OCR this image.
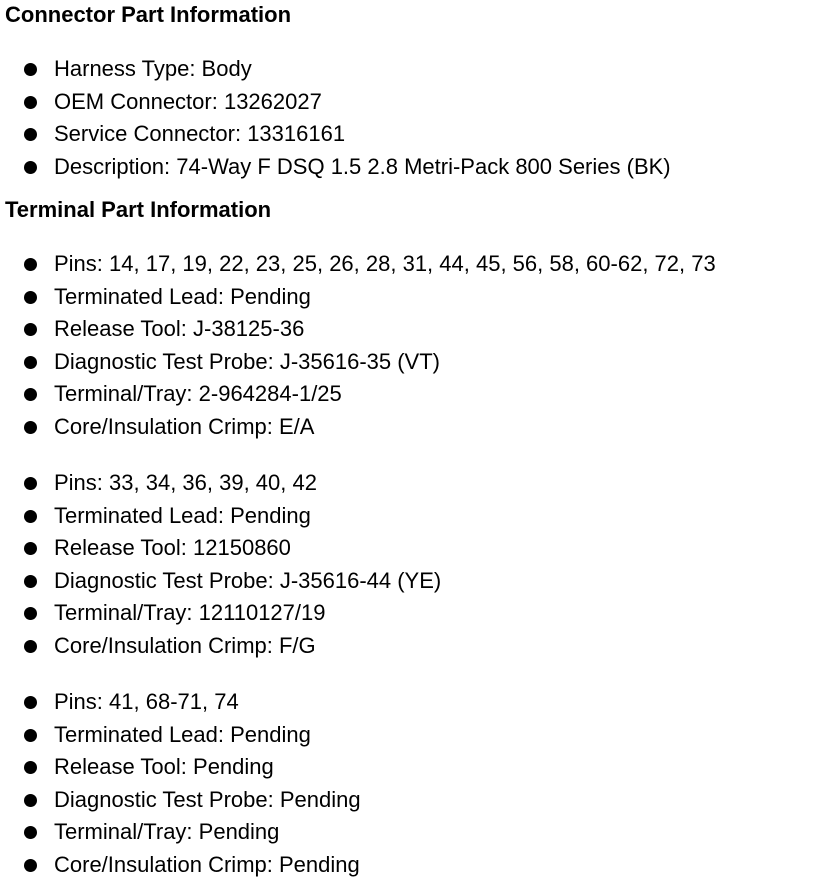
Connector Part Information
Harness Type: Body
OEM Connector: 13262027
Service Connector: 13316161
Description: 74-Way F DSQ 1.5 2.8 Metri-Pack 800 Series (BK)
Terminal Part Information
Pins: 14, 17, 19, 22, 23, 25, 26, 28, 31, 44, 45, 56, 58, 60-62, 72, 73
Terminated Lead: Pending
Release Tool: J-38125-36
Diagnostic Test Probe: J-35616-35 (VT)
Terminal/Tray: 2-964284-1/25
Core/Insulation Crimp: E/A
Pins: 33, 34, 36, 39, 40, 42
Terminated Lead: Pending
Release Tool: 12150860
Diagnostic Test Probe: J-35616-44 (YE)
Terminal/Tray: 12110127/19
Core/Insulation Crimp: F/G
Pins: 41, 68-71, 74
Terminated Lead: Pending
Release Tool: Pending
Diagnostic Test Probe: Pending
Terminal/Tray: Pending
Core/Insulation Crimp: Pending
